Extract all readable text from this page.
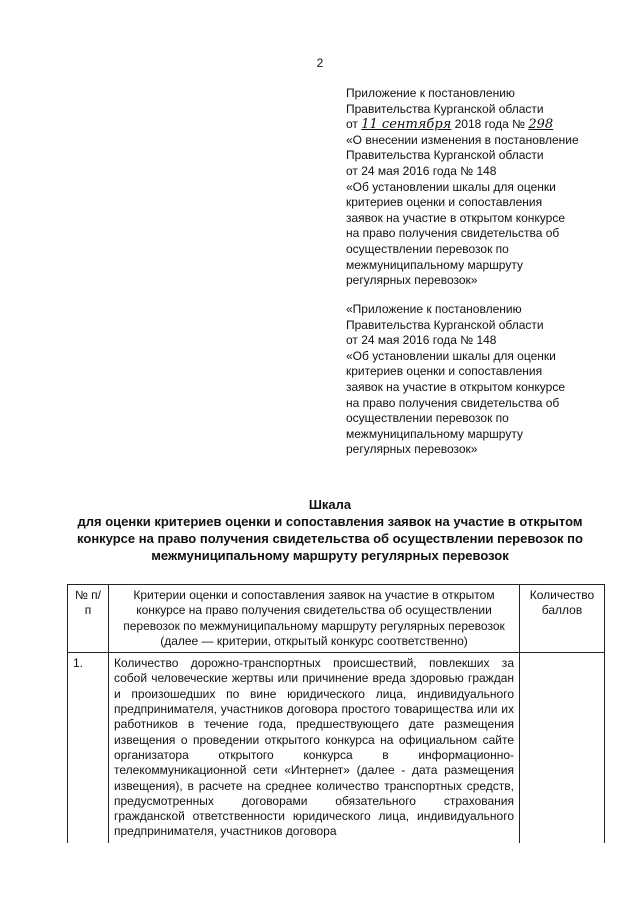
2

Приложение к постановлению

Правительства Курганской области

от 11 сентября 2018 года № 298

«О внесении изменения в постановление

Правительства Курганской области

от 24 мая 2016 года № 148

«Об установлении шкалы для оценки

критериев оценки и сопоставления

заявок на участие в открытом конкурсе

на право получения свидетельства об

осуществлении перевозок по

межмуниципальному маршруту

регулярных перевозок»

«Приложение к постановлению

Правительства Курганской области

от 24 мая 2016 года № 148

«Об установлении шкалы для оценки

критериев оценки и сопоставления

заявок на участие в открытом конкурсе

на право получения свидетельства об

осуществлении перевозок по

межмуниципальному маршруту

регулярных перевозок»

Шкала
для оценки критериев оценки и сопоставления заявок на участие в открытом конкурсе на право получения свидетельства об осуществлении перевозок по межмуниципальному маршруту регулярных перевозок
№ п/п	Критерии оценки и сопоставления заявок на участие в открытом конкурсе на право получения свидетельства об осуществлении перевозок по межмуниципальному маршруту регулярных перевозок (далее — критерии, открытый конкурс соответственно)	Количество баллов
1.	Количество дорожно-транспортных происшествий, повлекших за собой человеческие жертвы или причинение вреда здоровью граждан и произошедших по вине юридического лица, индивидуального предпринимателя, участников договора простого товарищества или их работников в течение года, предшествующего дате размещения извещения о проведении открытого конкурса на официальном сайте организатора открытого конкурса в информационно-телекоммуникационной сети «Интернет» (далее - дата размещения извещения), в расчете на среднее количество транспортных средств, предусмотренных договорами обязательного страхования гражданской ответственности юридического лица, индивидуального предпринимателя, участников договора	
